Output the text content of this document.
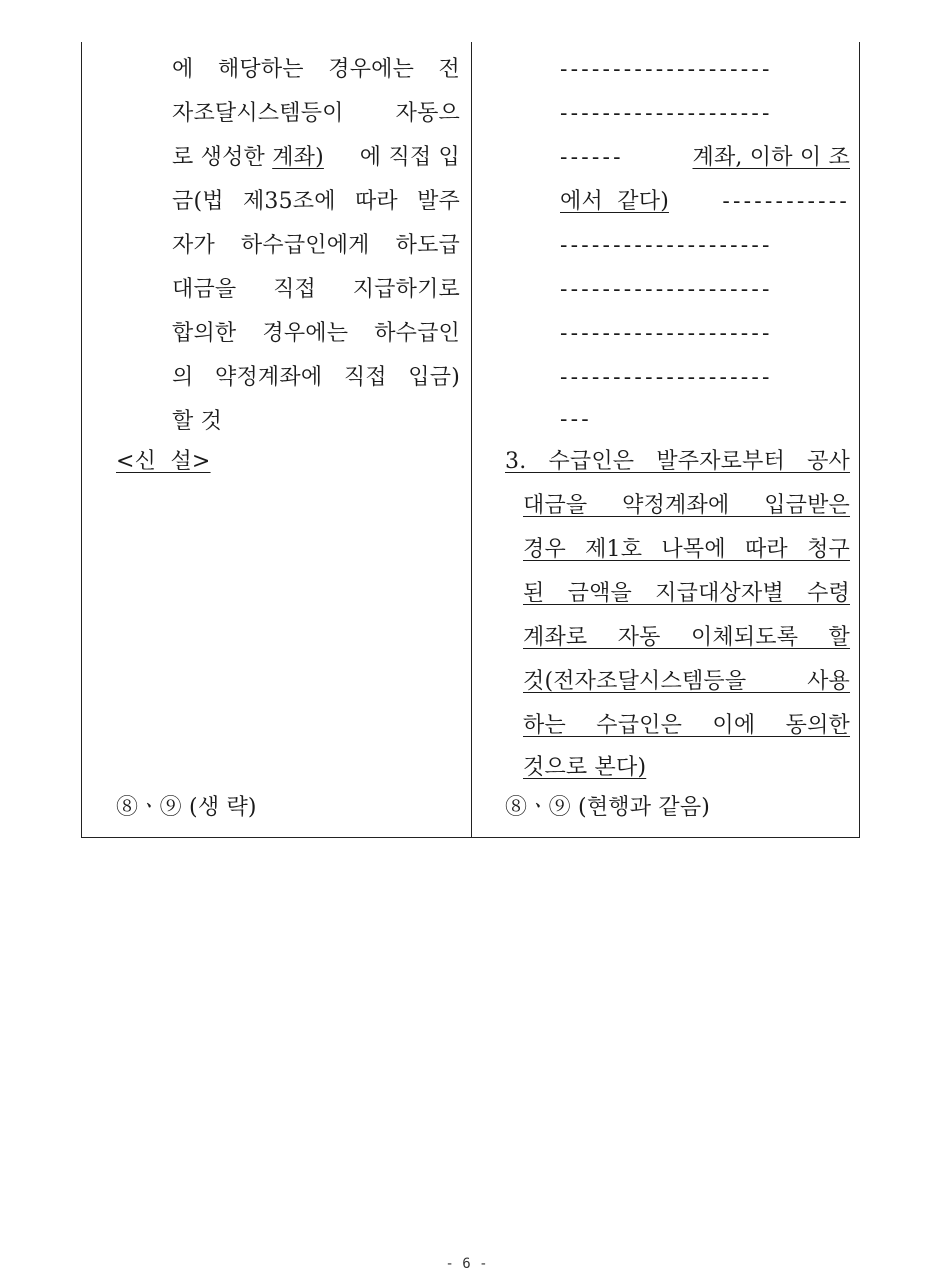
에 해당하는 경우에는 전
자조달시스템등이 자동으
로 생성한 계좌) 에 직접 입
금(법 제35조에 따라 발주
자가 하수급인에게 하도급
대금을 직접 지급하기로
합의한 경우에는 하수급인
의 약정계좌에 직접 입금)
할 것
<신  설>
⑧ㆍ⑨ (생 략)
--------------------
--------------------
------	계좌, 이하 이 조
에서  같다) ------------
--------------------
--------------------
--------------------
--------------------
---
3. 수급인은 발주자로부터 공사
대금을 약정계좌에 입금받은
경우 제1호 나목에 따라 청구
된 금액을 지급대상자별 수령
계좌로 자동 이체되도록 할
것(전자조달시스템등을 사용
하는 수급인은 이에 동의한
것으로 본다)
⑧ㆍ⑨ (현행과 같음)
- 6 -
